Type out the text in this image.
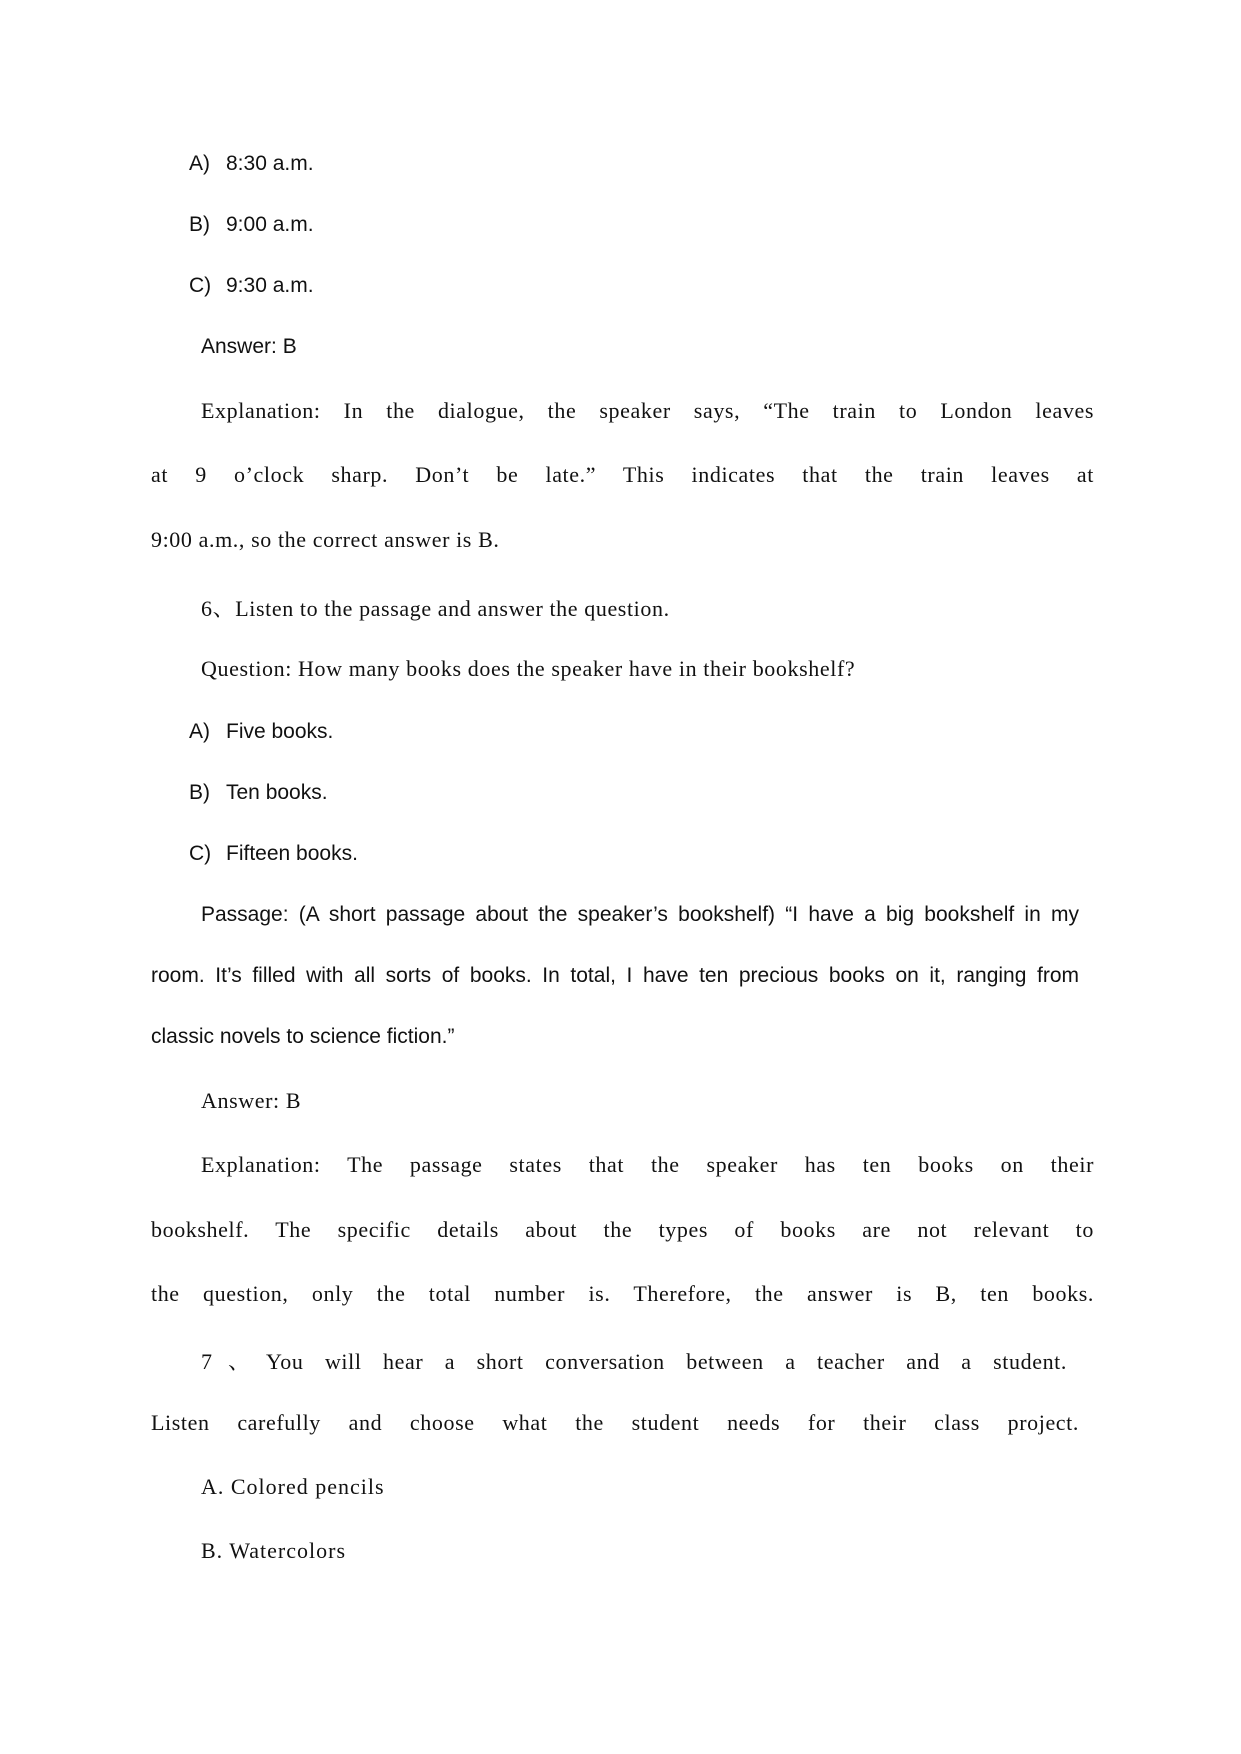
A) 8:30 a.m.

B) 9:00 a.m.

C) 9:30 a.m.

Answer: B

Explanation: In the dialogue, the speaker says, “The train to London leaves

at 9 o’clock sharp. Don’t be late.” This indicates that the train leaves at

9:00 a.m., so the correct answer is B.

6、Listen to the passage and answer the question.

Question: How many books does the speaker have in their bookshelf?

A) Five books.

B) Ten books.

C) Fifteen books.

Passage: (A short passage about the speaker’s bookshelf) “I have a big bookshelf in my

room. It’s filled with all sorts of books. In total, I have ten precious books on it, ranging from

classic novels to science fiction.”

Answer: B

Explanation: The passage states that the speaker has ten books on their

bookshelf. The specific details about the types of books are not relevant to

the question, only the total number is. Therefore, the answer is B, ten books.

7、You will hear a short conversation between a teacher and a student.

Listen carefully and choose what the student needs for their class project.

A. Colored pencils

B. Watercolors
